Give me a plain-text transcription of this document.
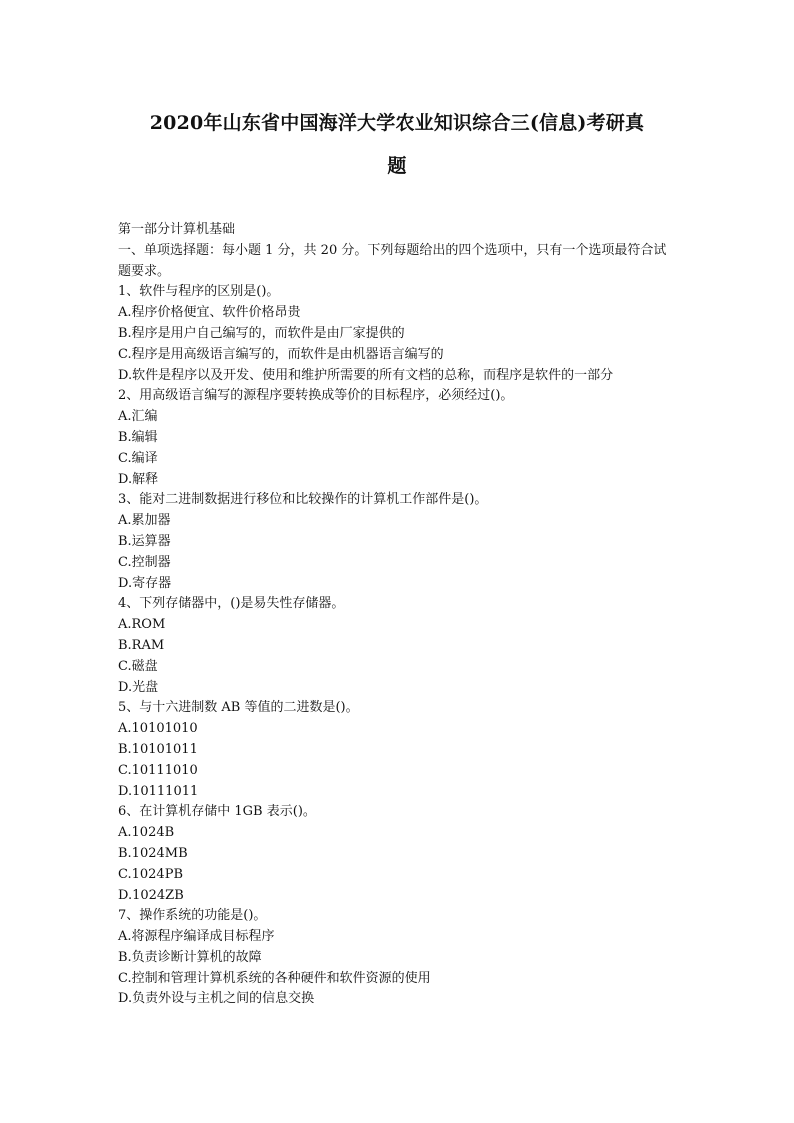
2020年山东省中国海洋大学农业知识综合三(信息)考研真
题
第一部分计算机基础
一、单项选择题：每小题 1 分，共 20 分。下列每题给出的四个选项中，只有一个选项最符合试题要求。
1、软件与程序的区别是()。
A.程序价格便宜、软件价格昂贵
B.程序是用户自己编写的，而软件是由厂家提供的
C.程序是用高级语言编写的，而软件是由机器语言编写的
D.软件是程序以及开发、使用和维护所需要的所有文档的总称，而程序是软件的一部分
2、用高级语言编写的源程序要转换成等价的目标程序，必须经过()。
A.汇编
B.编辑
C.编译
D.解释
3、能对二进制数据进行移位和比较操作的计算机工作部件是()。
A.累加器
B.运算器
C.控制器
D.寄存器
4、下列存储器中，()是易失性存储器。
A.ROM
B.RAM
C.磁盘
D.光盘
5、与十六进制数 AB 等值的二进数是()。
A.10101010
B.10101011
C.10111010
D.10111011
6、在计算机存储中 1GB 表示()。
A.1024B
B.1024MB
C.1024PB
D.1024ZB
7、操作系统的功能是()。
A.将源程序编译成目标程序
B.负责诊断计算机的故障
C.控制和管理计算机系统的各种硬件和软件资源的使用
D.负责外设与主机之间的信息交换
